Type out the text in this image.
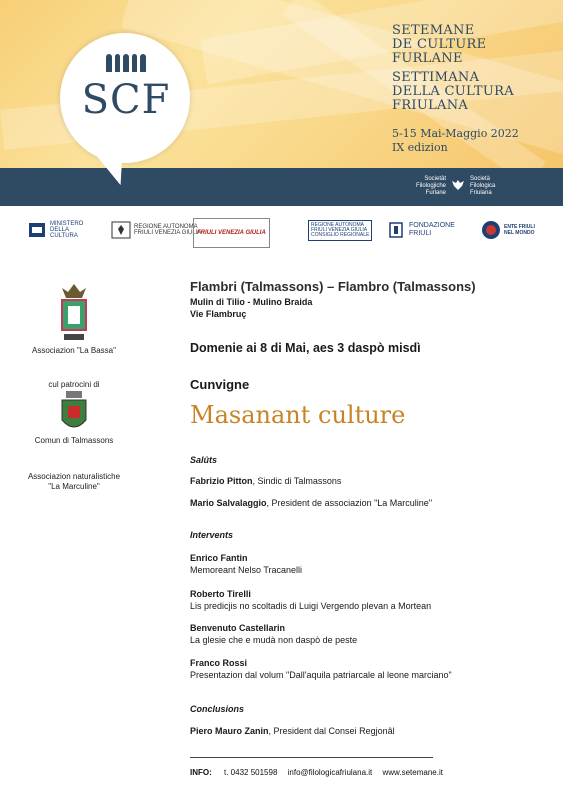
SCF
SETEMANE
DE CULTURE
FURLANE
SETTIMANA
DELLA CULTURA
FRIULANA
5-15 Mai-Maggio 2022
IX edizion
Societât
Filologjiche
Furlane
Società
Filologica
Friulana
MINISTERO
DELLA
CULTURA
REGIONE AUTONOMA
FRIULI VENEZIA GIULIA
FRIULI VENEZIA GIULIA
REGIONE AUTONOMA
FRIULI VENEZIA GIULIA
CONSIGLIO REGIONALE
FONDAZIONE
FRIULI
ENTE FRIULI
NEL MONDO
Associazion "La Bassa"
cul patrocini di
Comun di Talmassons
Associazion naturalistiche
"La Marculine"
Flambri (Talmassons) – Flambro (Talmassons)
Mulin di Tilio - Mulino Braida
Vie Flambruç
Domenie ai 8 di Mai, aes 3 daspò misdì
Cunvigne
Masanant culture
Salûts
Fabrizio Pitton, Sindic di Talmassons
Mario Salvalaggio, President de associazion "La Marculine"
Intervents
Enrico Fantin
Memoreant Nelso Tracanelli
Roberto Tirelli
Lis predicjis no scoltadis di Luigi Vergendo plevan a Mortean
Benvenuto Castellarin
La glesie che e mudà non daspò de peste
Franco Rossi
Presentazion dal volum "Dall'aquila patriarcale al leone marciano"
Conclusions
Piero Mauro Zanin, President dal Consei Regjonâl
INFO: t. 0432 501598 info@filologicafriulana.it www.setemane.it
